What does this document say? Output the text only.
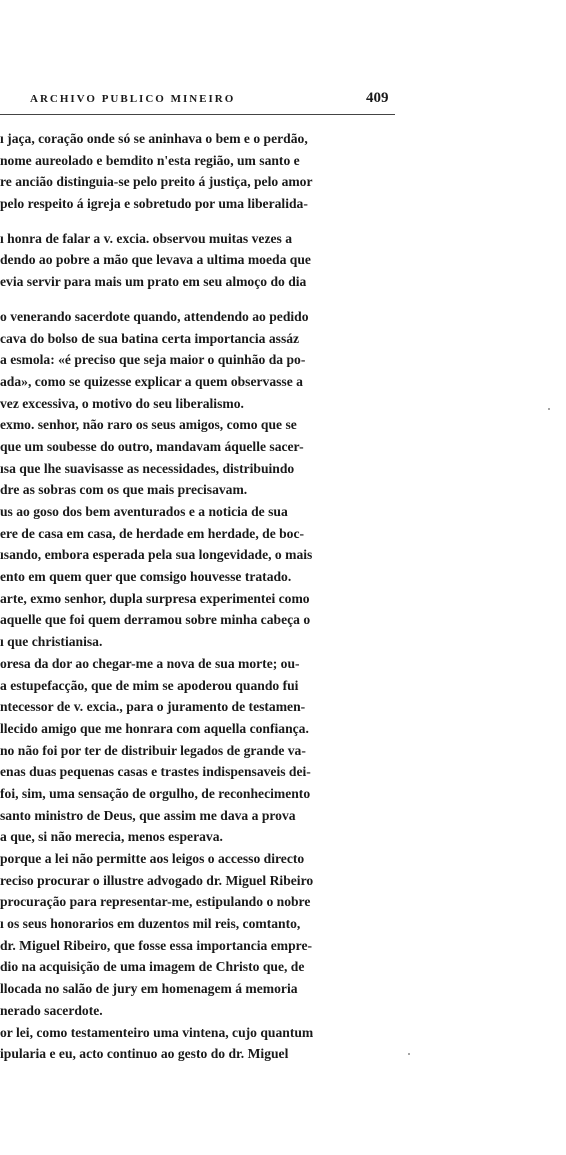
ARCHIVO PUBLICO MINEIRO	409
ı jaça, coração onde só se aninhava o bem e o perdão,
nome aureolado e bemdito n'esta região, um santo e
re ancião distinguia-se pelo preito á justiça, pelo amor
pelo respeito á igreja e sobretudo por uma liberalida-
ı honra de falar a v. excia. observou muitas vezes a
dendo ao pobre a mão que levava a ultima moeda que
evia servir para mais um prato em seu almoço do dia
o venerando sacerdote quando, attendendo ao pedido
cava do bolso de sua batina certa importancia assáz
a esmola: «é preciso que seja maior o quinhão da po-
ada», como se quizesse explicar a quem observasse a
vez excessiva, o motivo do seu liberalismo.
exmo. senhor, não raro os seus amigos, como que se
que um soubesse do outro, mandavam áquelle sacer-
ısa que lhe suavisasse as necessidades, distribuindo
dre as sobras com os que mais precisavam.
us ao goso dos bem aventurados e a noticia de sua
ere de casa em casa, de herdade em herdade, de boc-
ısando, embora esperada pela sua longevidade, o mais
ento em quem quer que comsigo houvesse tratado.
arte, exmo senhor, dupla surpresa experimentei como
aquelle que foi quem derramou sobre minha cabeça o
ı que christianisa.
oresa da dor ao chegar-me a nova de sua morte; ou-
a estupefacção, que de mim se apoderou quando fui
ntecessor de v. excia., para o juramento de testamen-
llecido amigo que me honrara com aquella confiança.
no não foi por ter de distribuir legados de grande va-
enas duas pequenas casas e trastes indispensaveis dei-
foi, sim, uma sensação de orgulho, de reconhecimento
santo ministro de Deus, que assim me dava a prova
a que, si não merecia, menos esperava.
porque a lei não permitte aos leigos o accesso directo
reciso procurar o illustre advogado dr. Miguel Ribeiro
procuração para representar-me, estipulando o nobre
ı os seus honorarios em duzentos mil reis, comtanto,
dr. Miguel Ribeiro, que fosse essa importancia empre-
dio na acquisição de uma imagem de Christo que, de
llocada no salão de jury em homenagem á memoria
nerado sacerdote.
or lei, como testamenteiro uma vintena, cujo quantum
ipularia e eu, acto continuo ao gesto do dr. Miguel
